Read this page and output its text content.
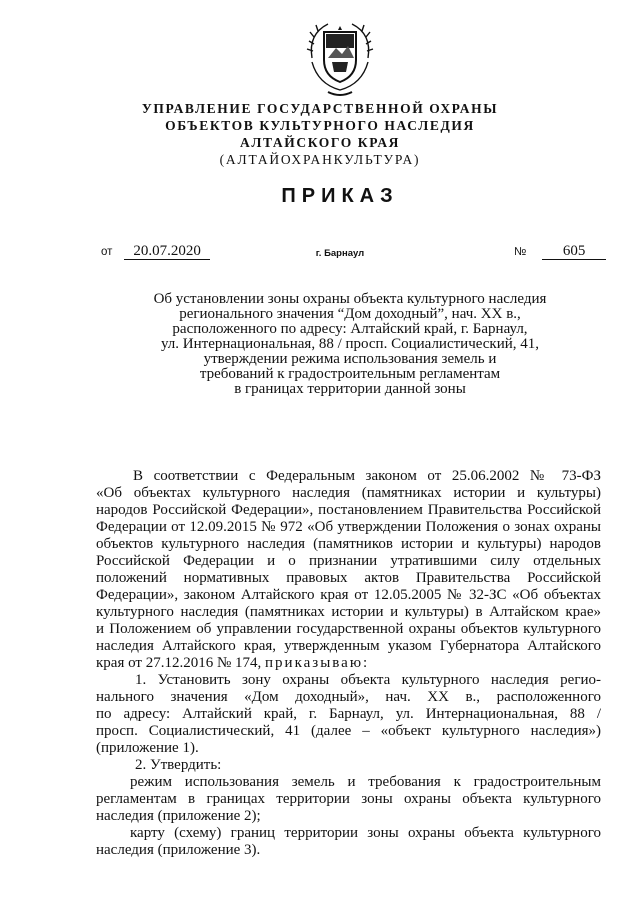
УПРАВЛЕНИЕ ГОСУДАРСТВЕННОЙ ОХРАНЫ
ОБЪЕКТОВ КУЛЬТУРНОГО НАСЛЕДИЯ
АЛТАЙСКОГО КРАЯ
(АЛТАЙОХРАНКУЛЬТУРА)
ПРИКАЗ
от 20.07.2020	г. Барнаул	№ 605
Об установлении зоны охраны объекта культурного наследия
регионального значения “Дом доходный”, нач. XX в.,
расположенного по адресу: Алтайский край, г. Барнаул,
ул. Интернациональная, 88 / просп. Социалистический, 41,
утверждении режима использования земель и
требований к градостроительным регламентам
в границах территории данной зоны
В соответствии с Федеральным законом от 25.06.2002 № 73-ФЗ
«Об объектах культурного наследия (памятниках истории и культуры)
народов Российской Федерации», постановлением Правительства Российской
Федерации от 12.09.2015 № 972 «Об утверждении Положения о зонах охраны
объектов культурного наследия (памятников истории и культуры) народов
Российской Федерации и о признании утратившими силу отдельных
положений нормативных правовых актов Правительства Российской
Федерации», законом Алтайского края от 12.05.2005 № 32-ЗС «Об объектах
культурного наследия (памятниках истории и культуры) в Алтайском крае»
и Положением об управлении государственной охраны объектов культурного
наследия Алтайского края, утвержденным указом Губернатора Алтайского
края от 27.12.2016 № 174, приказываю:
1. Установить зону охраны объекта культурного наследия регио-
нального значения «Дом доходный», нач. XX в., расположенного
по адресу: Алтайский край, г. Барнаул, ул. Интернациональная, 88 /
просп. Социалистический, 41 (далее – «объект культурного наследия»)
(приложение 1).
2. Утвердить:
режим использования земель и требования к градостроительным
регламентам в границах территории зоны охраны объекта культурного
наследия (приложение 2);
карту (схему) границ территории зоны охраны объекта культурного
наследия (приложение 3).
